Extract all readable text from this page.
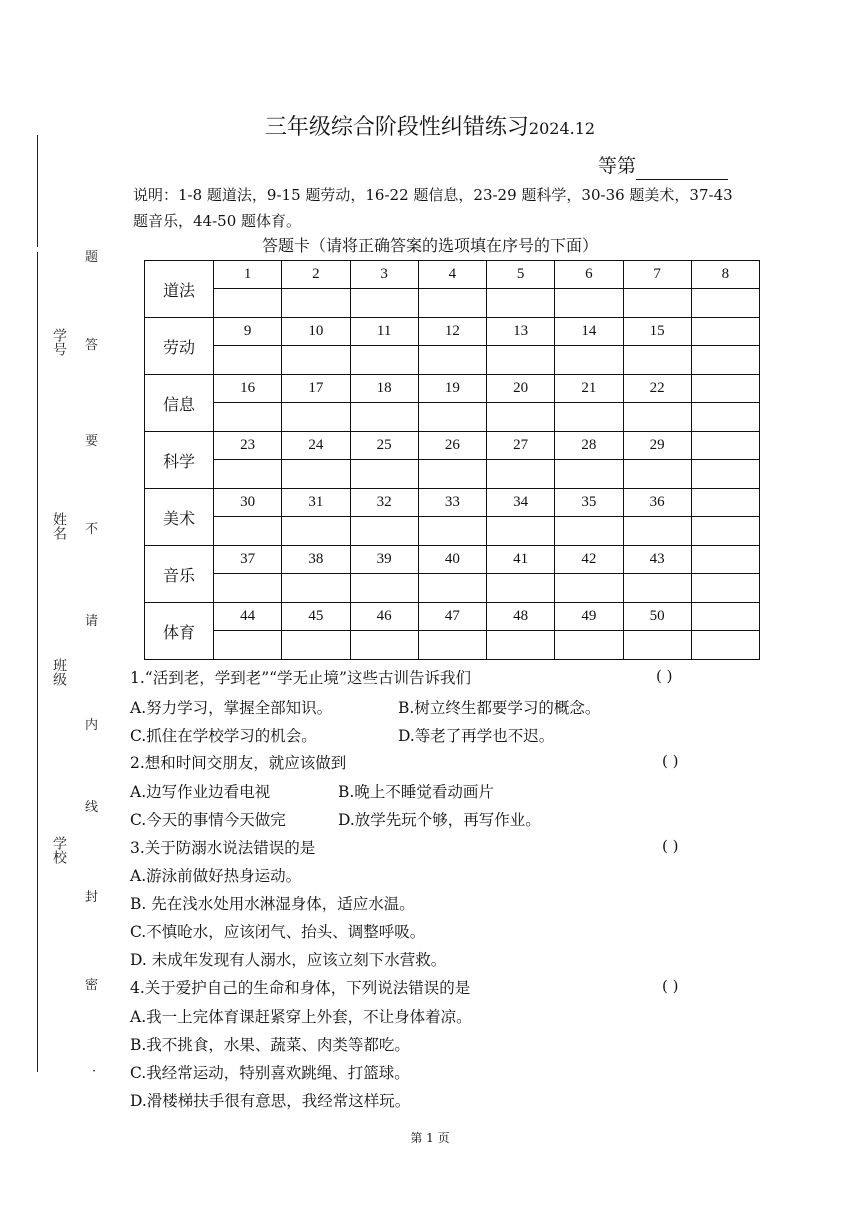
题
答
要
不
请
内
线
封
密
·
学号
姓名
班级
学校
三年级综合阶段性纠错练习2024.12
等第
说明：1-8 题道法，9-15 题劳动，16-22 题信息，23-29 题科学，30-36 题美术，37-43 题音乐，44-50 题体育。
答题卡（请将正确答案的选项填在序号的下面）
道法	1	2	3	4	5	6	7	8

劳动	9	10	11	12	13	14	15	

信息	16	17	18	19	20	21	22	

科学	23	24	25	26	27	28	29	

美术	30	31	32	33	34	35	36	

音乐	37	38	39	40	41	42	43	

体育	44	45	46	47	48	49	50	

1.“活到老，学到老”“学无止境”这些古训告诉我们	( )
A.努力学习，掌握全部知识。	B.树立终生都要学习的概念。
C.抓住在学校学习的机会。	D.等老了再学也不迟。
2.想和时间交朋友，就应该做到	( )
A.边写作业边看电视	B.晚上不睡觉看动画片
C.今天的事情今天做完	D.放学先玩个够，再写作业。
3.关于防溺水说法错误的是	( )
A.游泳前做好热身运动。
B. 先在浅水处用水淋湿身体，适应水温。
C.不慎呛水，应该闭气、抬头、调整呼吸。
D. 未成年发现有人溺水，应该立刻下水营救。
4.关于爱护自己的生命和身体，下列说法错误的是	( )
A.我一上完体育课赶紧穿上外套，不让身体着凉。
B.我不挑食，水果、蔬菜、肉类等都吃。
C.我经常运动，特别喜欢跳绳、打篮球。
D.滑楼梯扶手很有意思，我经常这样玩。
第 1 页
